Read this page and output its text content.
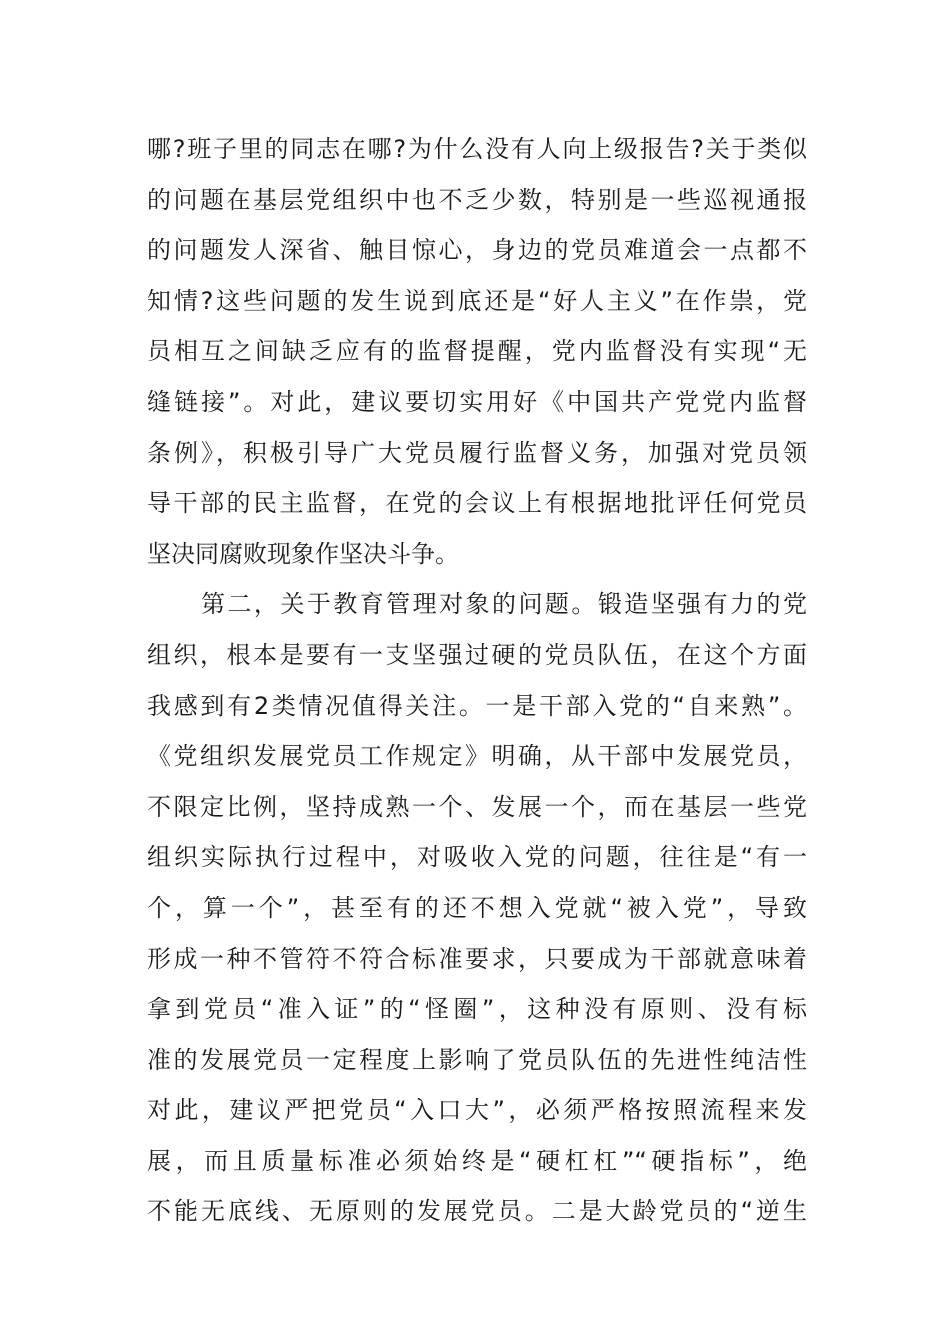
哪?班子里的同志在哪?为什么没有人向上级报告?关于类似
的问题在基层党组织中也不乏少数，特别是一些巡视通报
的问题发人深省、触目惊心，身边的党员难道会一点都不
知情?这些问题的发生说到底还是“好人主义”在作祟，党
员相互之间缺乏应有的监督提醒，党内监督没有实现“无
缝链接”。对此，建议要切实用好《中国共产党党内监督
条例》，积极引导广大党员履行监督义务，加强对党员领
导干部的民主监督，在党的会议上有根据地批评任何党员
坚决同腐败现象作坚决斗争。
第二，关于教育管理对象的问题。锻造坚强有力的党
组织，根本是要有一支坚强过硬的党员队伍，在这个方面
我感到有2类情况值得关注。一是干部入党的“自来熟”。
《党组织发展党员工作规定》明确，从干部中发展党员，
不限定比例，坚持成熟一个、发展一个，而在基层一些党
组织实际执行过程中，对吸收入党的问题，往往是“有一
个，算一个”，甚至有的还不想入党就“被入党”，导致
形成一种不管符不符合标准要求，只要成为干部就意味着
拿到党员“准入证”的“怪圈”，这种没有原则、没有标
准的发展党员一定程度上影响了党员队伍的先进性纯洁性
对此，建议严把党员“入口大”，必须严格按照流程来发
展，而且质量标准必须始终是“硬杠杠”“硬指标”，绝
不能无底线、无原则的发展党员。二是大龄党员的“逆生
